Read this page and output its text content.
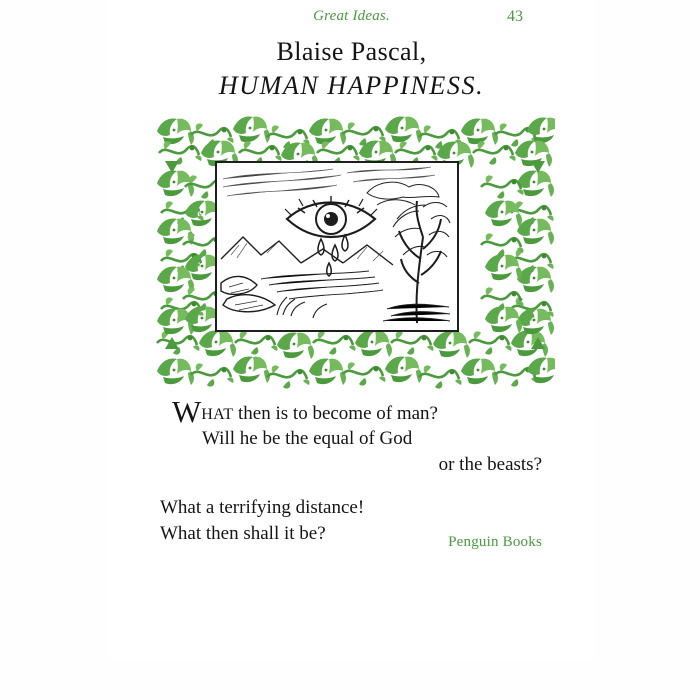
Great Ideas.	43
Blaise Pascal,
HUMAN HAPPINESS.
WHAT then is to become of man?
Will he be the equal of God
or the beasts?
What a terrifying distance!
What then shall it be?	Penguin Books
